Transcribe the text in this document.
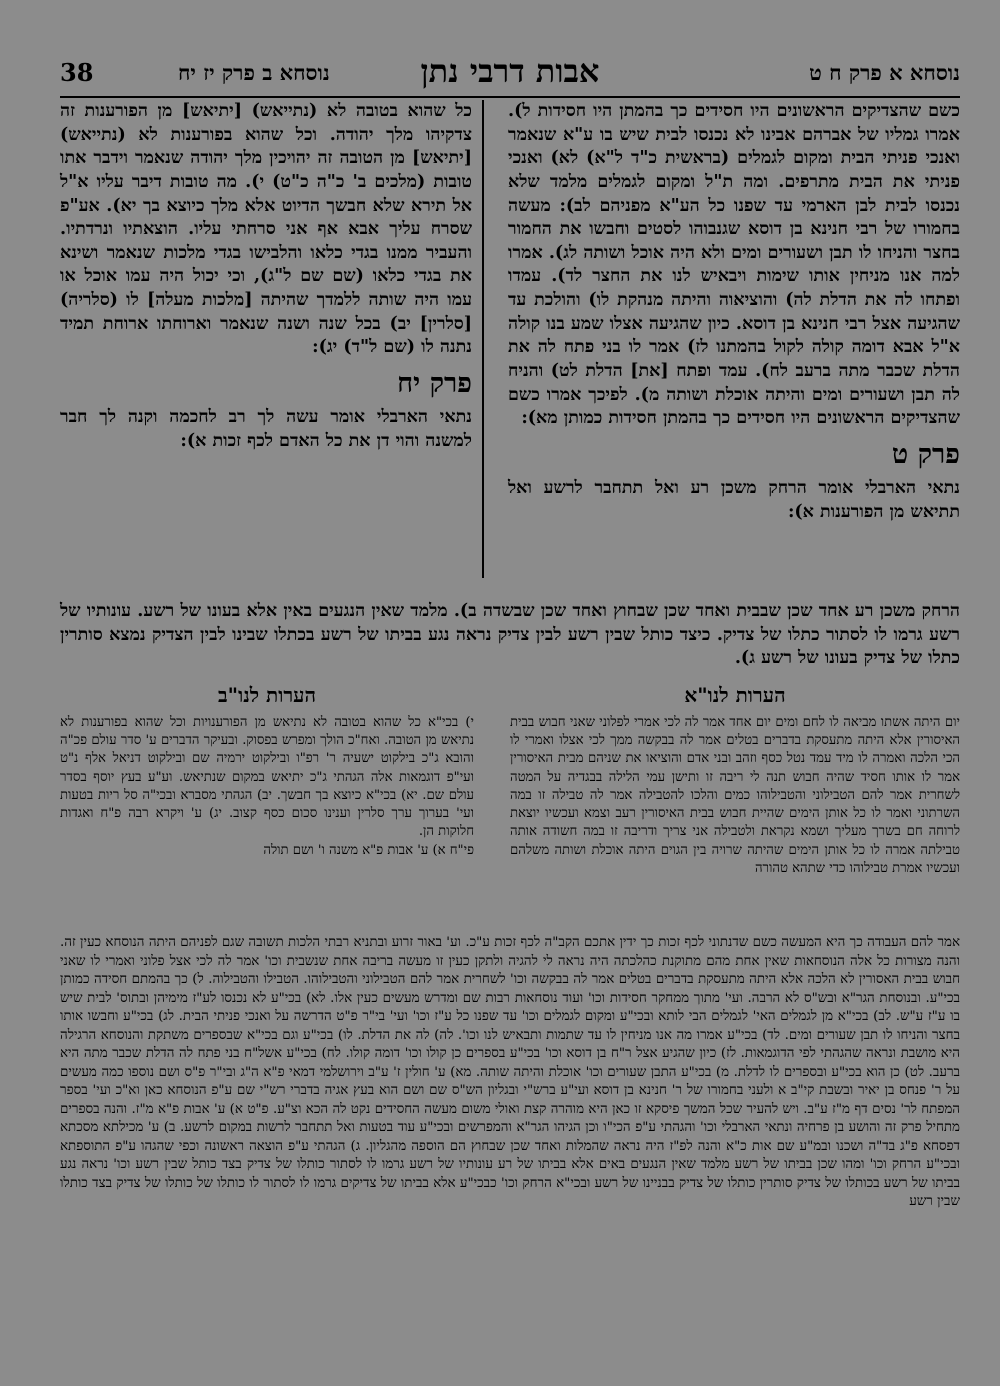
38	נוסחא א פרק ח ט
אבות דרבי נתן
נוסחא ב פרק יז יח

כשם שהצדיקים הראשונים היו חסידים כך בהמתן היו חסידות ל). אמרו גמליו של אברהם אבינו לא נכנסו לבית שיש בו ע"א שנאמר ואנכי פניתי הבית ומקום לגמלים (בראשית כ"ד ל"א) לא) ואנכי פניתי את הבית מתרפים. ומה ת"ל ומקום לגמלים מלמד שלא נכנסו לבית לבן הארמי עד שפנו כל הע"א מפניהם לב): מעשה בחמורו של רבי חנינא בן דוסא שגנבוהו לסטים וחבשו את החמור בחצר והניחו לו תבן ושעורים ומים ולא היה אוכל ושותה לג). אמרו למה אנו מניחין אותו שימות ויבאיש לנו את החצר לד). עמדו ופתחו לה את הדלת לה) והוציאוה והיתה מנהקת לו) והולכת עד שהגיעה אצל רבי חנינא בן דוסא. כיון שהגיעה אצלו שמע בנו קולה א"ל אבא דומה קולה לקול בהמתנו לז) אמר לו בני פתח לה את הדלת שכבר מתה ברעב לח). עמד ופתח [את] הדלת לט) והניח לה תבן ושעורים ומים והיתה אוכלת ושותה מ). לפיכך אמרו כשם שהצדיקים הראשונים היו חסידים כך בהמתן חסידות כמותן מא):

פרק ט

נתאי הארבלי אומר הרחק משכן רע ואל תתחבר לרשע ואל תתיאש מן הפורענות א):

כל שהוא בטובה לא (נתייאש) [יתיאש] מן הפורענות זה צדקיהו מלך יהודה. וכל שהוא בפורענות לא (נתייאש) [יתיאש] מן הטובה זה יהויכין מלך יהודה שנאמר וידבר אתו טובות (מלכים ב' כ"ה כ"ט) י). מה טובות דיבר עליו א"ל אל תירא שלא חבשך הדיוט אלא מלך כיוצא בך יא). אע"פ שסרח עליך אבא אף אני סרחתי עליו. הוצאתיו ונרדתיו. והעביר ממנו בגדי כלאו והלבישו בגדי מלכות שנאמר ושינא את בגדי כלאו (שם שם ל"ג), וכי יכול היה עמו אוכל או עמו היה שותה ללמדך שהיתה [מלכות מעלה] לו (סלריה) [סלרין] יב) בכל שנה ושנה שנאמר וארוחתו ארוחת תמיד נתנה לו (שם ל"ד) יג):

פרק יח

נתאי הארבלי אומר עשה לך רב לחכמה וקנה לך חבר למשנה והוי דן את כל האדם לכף זכות א):

הרחק משכן רע אחד שכן שבבית ואחד שכן שבחוץ ואחד שכן שבשדה ב). מלמד שאין הנגעים באין אלא בעונו של רשע. עונותיו של רשע גרמו לו לסתור כתלו של צדיק. כיצד כותל שבין רשע לבין צדיק נראה נגע בביתו של רשע בכתלו שבינו לבין הצדיק נמצא סותרין כתלו של צדיק בעונו של רשע ג).
הערות לנו"א

יום היתה אשתו מביאה לו לחם ומים יום אחד אמר לה לכי אמרי לפלוני שאני חבוש בבית האיסורין אלא היתה מתעסקת בדברים בטלים אמר לה בבקשה ממך לכי אצלו ואמרי לו הכי הלכה ואמרה לו מיד עמד נטל כסף וזהב ובני אדם והוציאו את שניהם מבית האיסורין אמר לו אותו חסיד שהיה חבוש תנה לי ריבה זו ותישן עמי הלילה בבגדיה על המטה לשחרית אמר להם הטבילוני והטבילוהו כמים והלכו להטבילה אמר לה טבילה זו במה השרתוני ואמר לו כל אותן הימים שהיית חבוש בבית האיסורין רעב וצמא ועכשיו יוצאת לרוחה חם בשרך מעליך ושמא נקראת ולטבילה אני צריך ודריבה זו במה חשודה אותה טבילתה אמרה לו כל אותן הימים שהיתה שרויה בין הגוים היתה אוכלת ושותה משלהם ועכשיו אמרת טבילוהו כדי שתהא טהורה

הערות לנו"ב

י) בכי"א כל שהוא בטובה לא נתיאש מן הפורענויות וכל שהוא בפורענות לא נתיאש מן הטובה. ואח"כ הולך ומפרש בפסוק. ובעיקר הדברים ע' סדר עולם פכ"ה והובא ג"כ בילקוט ישעיה ר' רפ"ו ובילקוט ירמיה שם ובילקוט דניאל אלף נ"ט ועי"פ דוגמאות אלה הגהתי ג"כ יתיאש במקום שנתיאש. וע"ע בעץ יוסף בסדר עולם שם. יא) בכי"א כיוצא בך חבשך. יב) הגהתי מסברא ובכי"ה סל ריות בטעות ועי' בערוך ערך סלרין וענינו סכום כסף קצוב. יג) ע' ויקרא רבה פ"ח ואגדות חלוקות הן.

פי"ח א) ע' אבות פ"א משנה ו' ושם תולה

אמר להם העבודה כך היא המעשה כשם שדנתוני לכף זכות כך ידין אתכם הקב"ה לכף זכות ע"כ. וע' באור זרוע ובתניא רבתי הלכות תשובה שגם לפניהם היתה הנוסחא כעין זה. והנה מצורות כל אלה הנוסחאות שאין אחת מהם מתוקנת כהלכתה היה נראה לי להגיה ולתקן כעין זו מעשה בריבה אחת שנשבית וכו' אמר לה לכי אצל פלוני ואמרי לו שאני חבוש בבית האסורין לא הלכה אלא היתה מתעסקת בדברים בטלים אמר לה בבקשה וכו' לשחרית אמר להם הטבילוני והטבילוהו. הטבילו והטבילוה. ל) כך בהמתם חסידה כמותן בכי"ע. ובנוסחת הגר"א ובש"ס לא הרבה. ועי' מתוך ממחקר חסידות וכו' ועוד נוסחאות רבות שם ומדרש מעשים כעין אלו. לא) בכי"ע לא נכנסו לע"ז מימיהן ובתוס' לבית שיש בו ע"ז ע"ש. לב) בכי"א מן לגמלים האי' לגמלים הבי לותא ובכי"ע ומקום לגמלים וכו' עד שפנו כל ע"ז וכו' ועי' בי"ר פ"ט הדרשה על ואנכי פניתי הבית. לג) בכי"ע וחבשו אותו בחצר והניחו לו תבן שעורים ומים. לד) בכי"ע אמרו מה אנו מניחין לו עד שתמות ותבאיש לנו וכו'. לה) לה את הדלת. לו) בכי"ע וגם בכי"א שבספרים משתקת והנוסחא הרגילה היא מושבת ונראה שהגהתי לפי הדוגמאות. לז) כיון שהגיע אצל ר"ח בן דוסא וכו' בכי"ע בספרים כן קולו וכו' דומה קולו. לח) בכי"ע אשל"ח בני פתח לה הדלת שכבר מתה היא ברעב. לט) כן הוא בכי"ע ובספרים לו לדלת. מ) בכי"ע התבן שעורים וכו' אוכלת והיתה שותה. מא) ע' חולין ז' ע"ב וירושלמי דמאי פ"א ה"ג ובי"ר פ"ס ושם נוספו כמה מעשים על ר' פנחס בן יאיר ובשבת קי"ב א ולעני בחמורו של ר' חנינא בן דוסא ועי"ע ברש"י ובגליון הש"ס שם ושם הוא בעץ אגיה בדברי רש"י שם ע"פ הנוסחא כאן וא"כ ועי' בספר המפתח לר' נסים דף מ"ז ע"ב. ויש להעיר שכל המשך פיסקא זו כאן היא מוהרה קצת ואולי משום מעשה החסידים נקט לה הכא וצ"ע. פ"ט א) ע' אבות פ"א מ"ז. והנה בספרים מתחיל פרק זה והושע בן פרחיה ונתאי הארבלי וכו' והגהתי ע"פ הכי"ו וכן הגיהו הגר"א והמפרשים ובכי"ע עוד בטעות ואל תתחבר לרשות במקום לרשע. ב) ע' מכילתא מסכתא דפסחא פ"ג בד"ה ושכנו ובמ"ע שם אות כ"א והנה לפ"ז היה נראה שהמלות ואחד שכן שבחוץ הם הוספה מהגליון. ג) הגהתי ע"פ הוצאה ראשונה וכפי שהגהו ע"פ התוספתא ובכי"ע הרחק וכו' ומהו שכן בביתו של רשע מלמד שאין הנגעים באים אלא בביתו של רע עונותיו של רשע גרמו לו לסתור כותלו של צדיק בצד כותל שבין רשע וכו' נראה נגע בביתו של רשע בכותלו של צדיק סותרין כותלו של צדיק בבניינו של רשע ובכי"א הרחק וכו' כבכי"ע אלא בביתו של צדיקים גרמו לו לסתור לו כותלו של כותלו של צדיק בצד כותלו שבין רשע
